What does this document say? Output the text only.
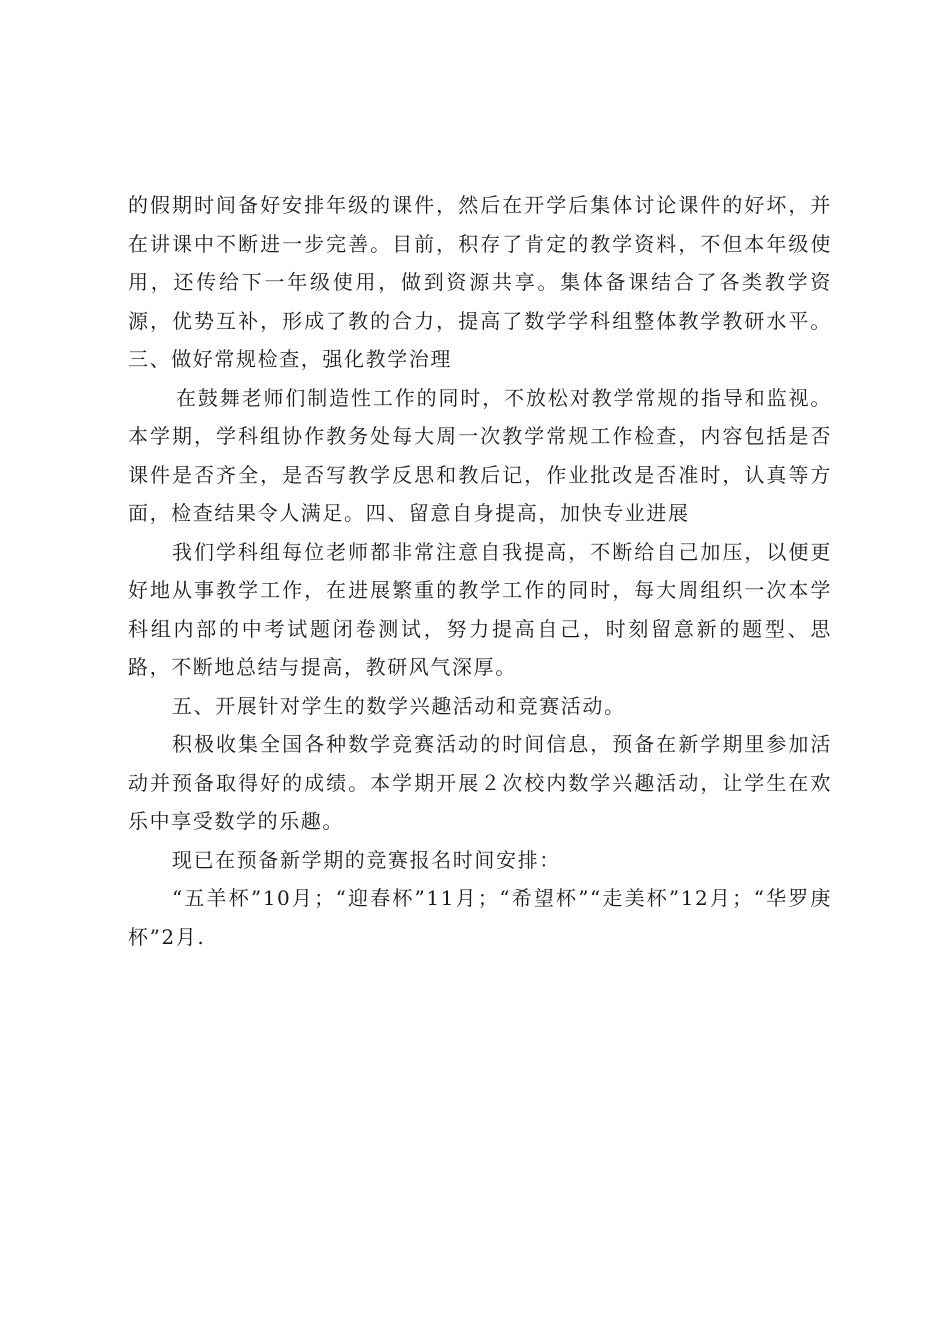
的假期时间备好安排年级的课件，然后在开学后集体讨论课件的好坏，并在讲课中不断进一步完善。目前，积存了肯定的教学资料，不但本年级使用，还传给下一年级使用，做到资源共享。集体备课结合了各类教学资源，优势互补，形成了教的合力，提高了数学学科组整体教学教研水平。三、做好常规检查，强化教学治理

在鼓舞老师们制造性工作的同时，不放松对教学常规的指导和监视。本学期，学科组协作教务处每大周一次教学常规工作检查，内容包括是否课件是否齐全，是否写教学反思和教后记，作业批改是否准时，认真等方面，检查结果令人满足。四、留意自身提高，加快专业进展

我们学科组每位老师都非常注意自我提高，不断给自己加压，以便更好地从事教学工作，在进展繁重的教学工作的同时，每大周组织一次本学科组内部的中考试题闭卷测试，努力提高自己，时刻留意新的题型、思路，不断地总结与提高，教研风气深厚。

五、开展针对学生的数学兴趣活动和竞赛活动。

积极收集全国各种数学竞赛活动的时间信息，预备在新学期里参加活动并预备取得好的成绩。本学期开展２次校内数学兴趣活动，让学生在欢乐中享受数学的乐趣。

现已在预备新学期的竞赛报名时间安排：

“五羊杯”10月；“迎春杯”11月；“希望杯”“走美杯”12月；“华罗庚杯”2月.
